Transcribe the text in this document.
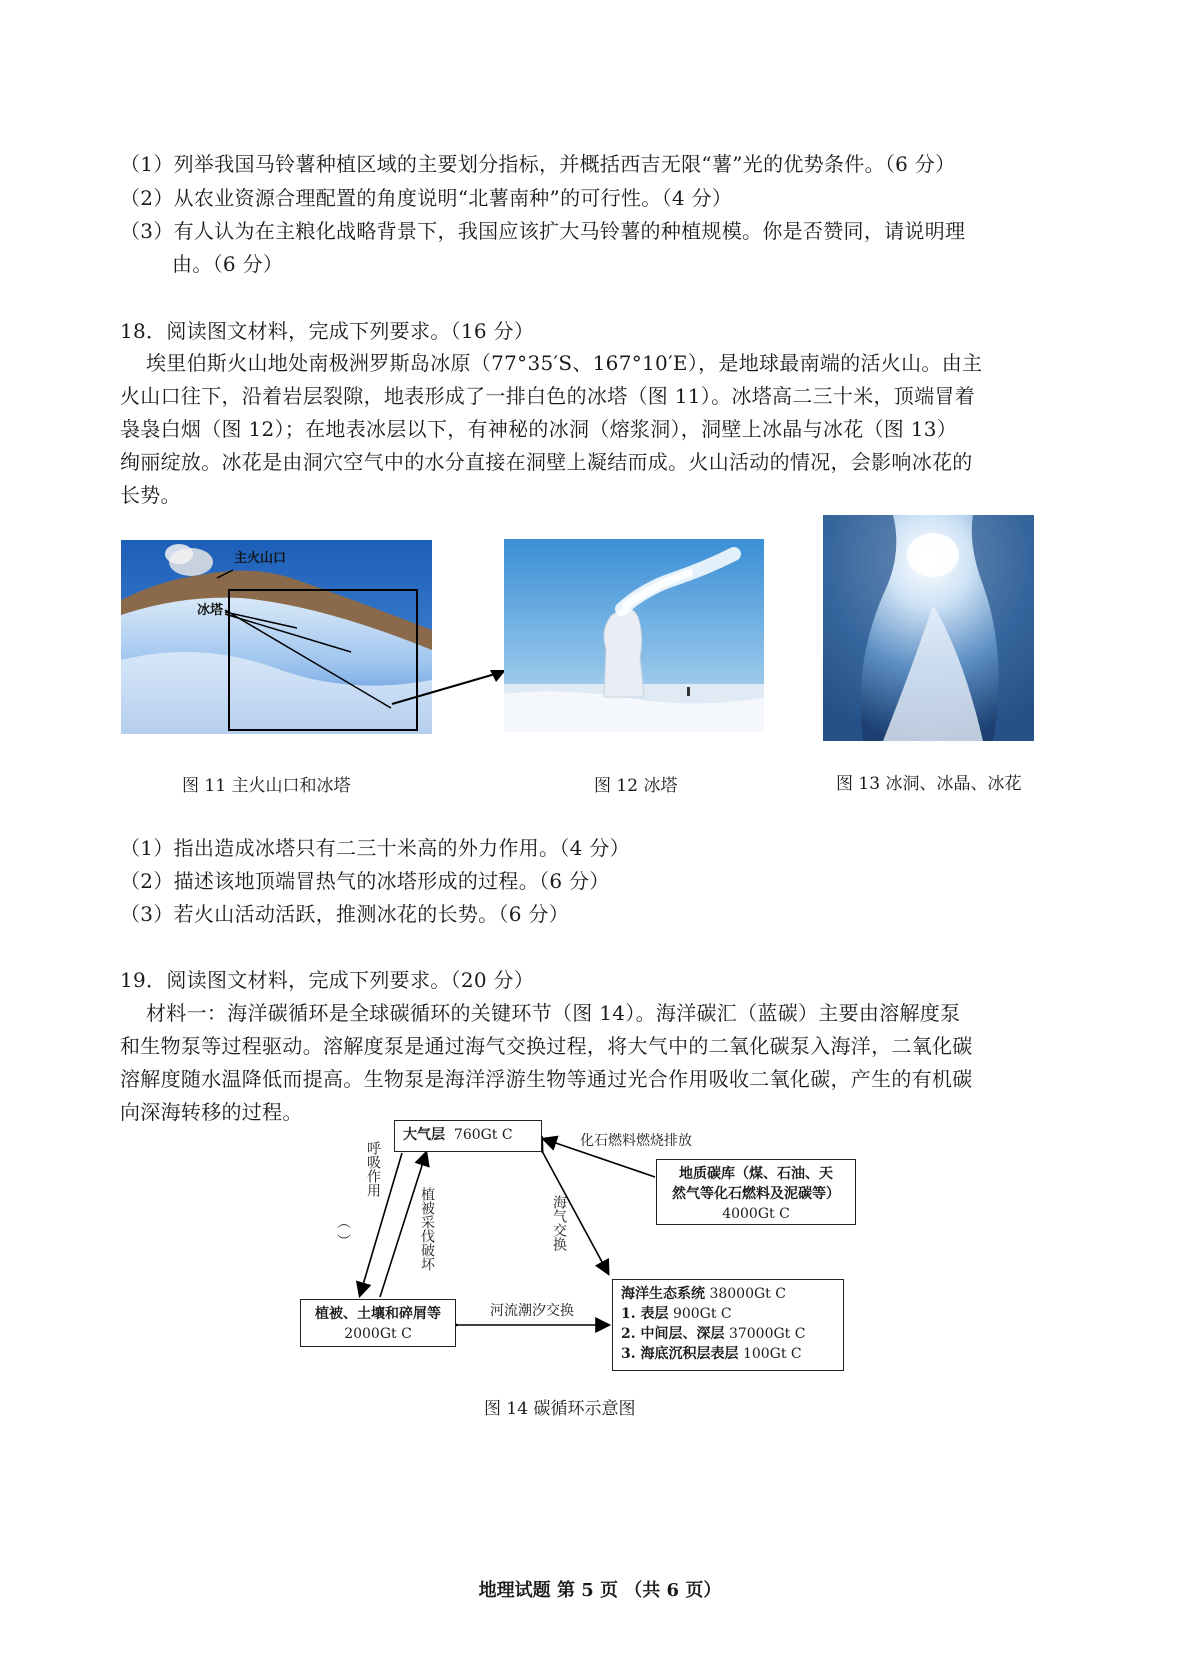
（1）列举我国马铃薯种植区域的主要划分指标，并概括西吉无限“薯”光的优势条件。（6 分）
（2）从农业资源合理配置的角度说明“北薯南种”的可行性。（4 分）
（3）有人认为在主粮化战略背景下，我国应该扩大马铃薯的种植规模。你是否赞同，请说明理
由。（6 分）
18．阅读图文材料，完成下列要求。（16 分）
埃里伯斯火山地处南极洲罗斯岛冰原（77°35′S、167°10′E），是地球最南端的活火山。由主
火山口往下，沿着岩层裂隙，地表形成了一排白色的冰塔（图 11）。冰塔高二三十米，顶端冒着
袅袅白烟（图 12）；在地表冰层以下，有神秘的冰洞（熔浆洞），洞壁上冰晶与冰花（图 13）
绚丽绽放。冰花是由洞穴空气中的水分直接在洞壁上凝结而成。火山活动的情况，会影响冰花的
长势。
主火山口
冰塔
图 11 主火山口和冰塔	图 12 冰塔	图 13 冰洞、冰晶、冰花
（1）指出造成冰塔只有二三十米高的外力作用。（4 分）
（2）描述该地顶端冒热气的冰塔形成的过程。（6 分）
（3）若火山活动活跃，推测冰花的长势。（6 分）
19．阅读图文材料，完成下列要求。（20 分）
材料一：海洋碳循环是全球碳循环的关键环节（图 14）。海洋碳汇（蓝碳）主要由溶解度泵
和生物泵等过程驱动。溶解度泵是通过海气交换过程，将大气中的二氧化碳泵入海洋，二氧化碳
溶解度随水温降低而提高。生物泵是海洋浮游生物等通过光合作用吸收二氧化碳，产生的有机碳
向深海转移的过程。
大气层 760Gt C	化石燃料燃烧排放
地质碳库（煤、石油、天
然气等化石燃料及泥碳等）
4000Gt C
呼吸作用
（ ）	植被采伐破坏	海气交换
植被、土壤和碎屑等
2000Gt C
河流潮汐交换
海洋生态系统 38000Gt C
1. 表层 900Gt C
2. 中间层、深层 37000Gt C
3. 海底沉积层表层 100Gt C
图 14 碳循环示意图
地理试题 第 5 页 （共 6 页）
